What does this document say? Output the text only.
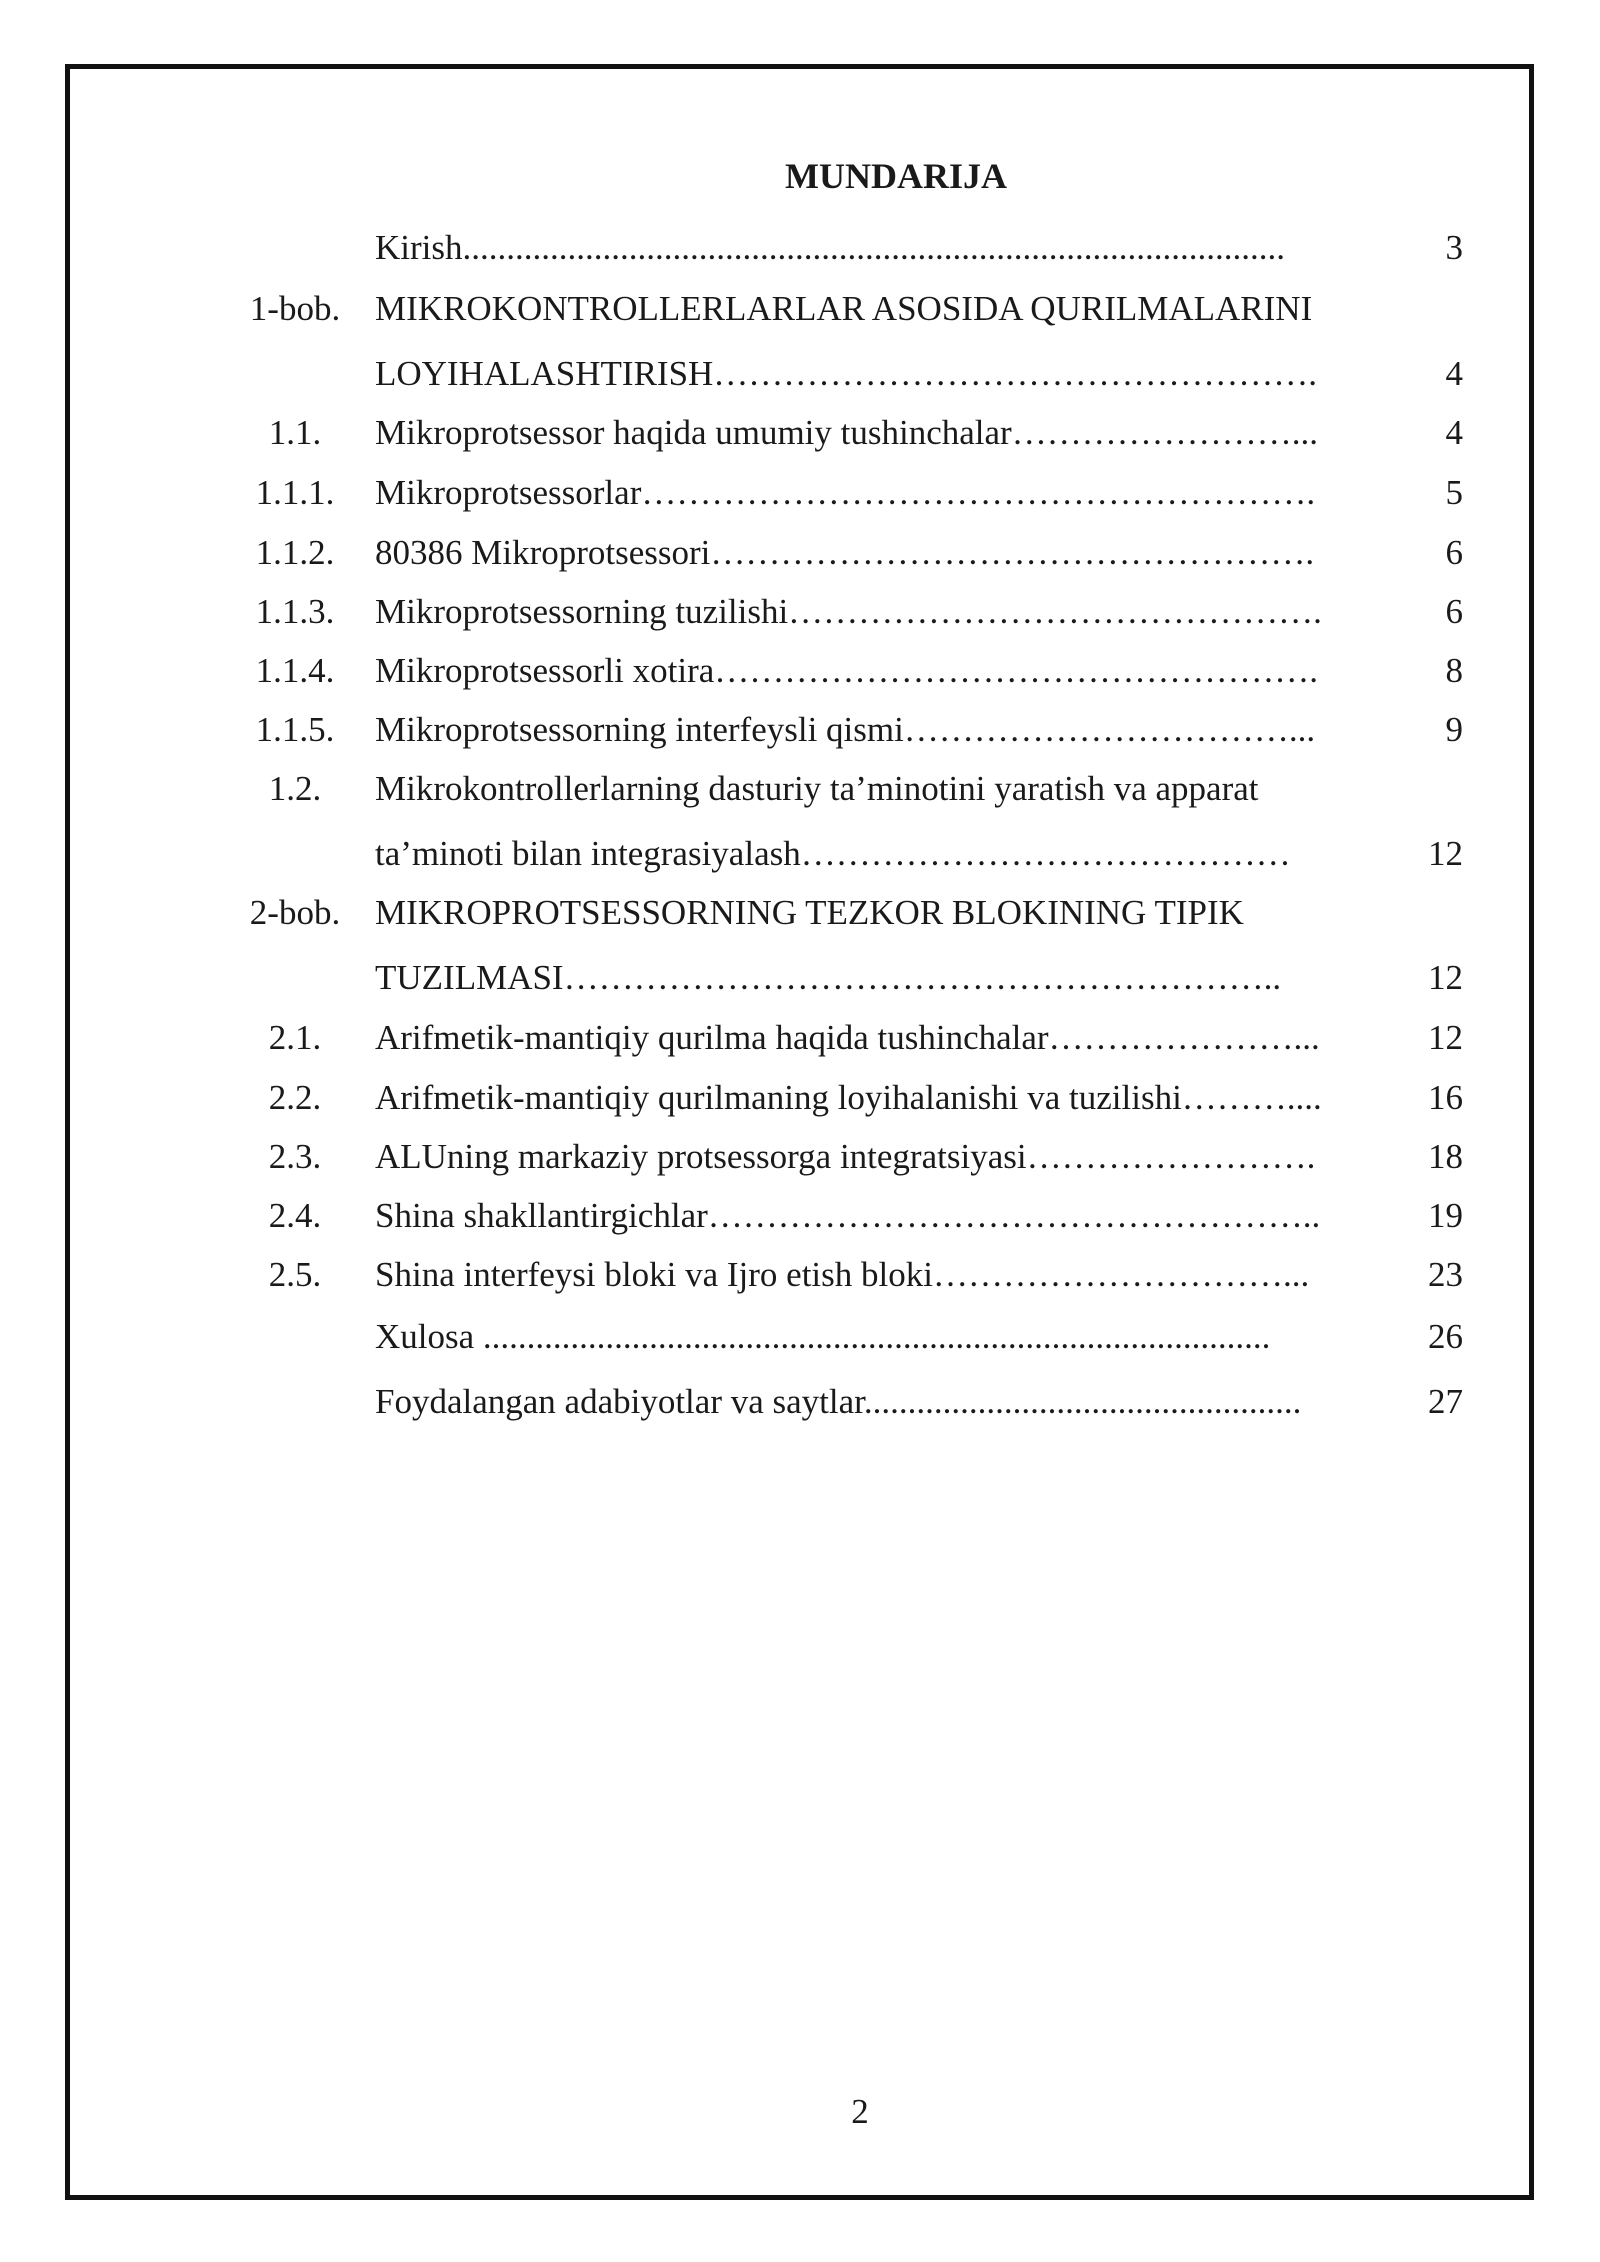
MUNDARIJA
Kirish..............................................................................................	3
1-bob. MIKROKONTROLLERLARLAR ASOSIDA QURILMALARINI
LOYIHALASHTIRISH…………………………………………….	4
1.1.	Mikroprotsessor haqida umumiy tushinchalar……………………...	4
1.1.1.	Mikroprotsessorlar………………………………………………….	5
1.1.2.	80386 Mikroprotsessori…………………………………………….	6
1.1.3.	Mikroprotsessorning tuzilishi……………………………………….	6
1.1.4.	Mikroprotsessorli xotira…………………………………………….	8
1.1.5.	Mikroprotsessorning interfeysli qismi……………………………...	9
1.2.	Mikrokontrollerlarning dasturiy ta’minotini yaratish va apparat
ta’minoti bilan integrasiyalash……………………………………	12
2-bob. MIKROPROTSESSORNING TEZKOR BLOKINING TIPIK
TUZILMASI……………………………………………………..	12
2.1.	Arifmetik-mantiqiy qurilma haqida tushinchalar…………………...	12
2.2.	Arifmetik-mantiqiy qurilmaning loyihalanishi va tuzilishi………....	16
2.3.	ALUning markaziy protsessorga integratsiyasi…………………….	18
2.4.	Shina shakllantirgichlar……………………………………………..	19
2.5.	Shina interfeysi bloki va Ijro etish bloki…………………………...	23
Xulosa ..........................................................................................	26
Foydalangan adabiyotlar va saytlar..................................................	27
2
